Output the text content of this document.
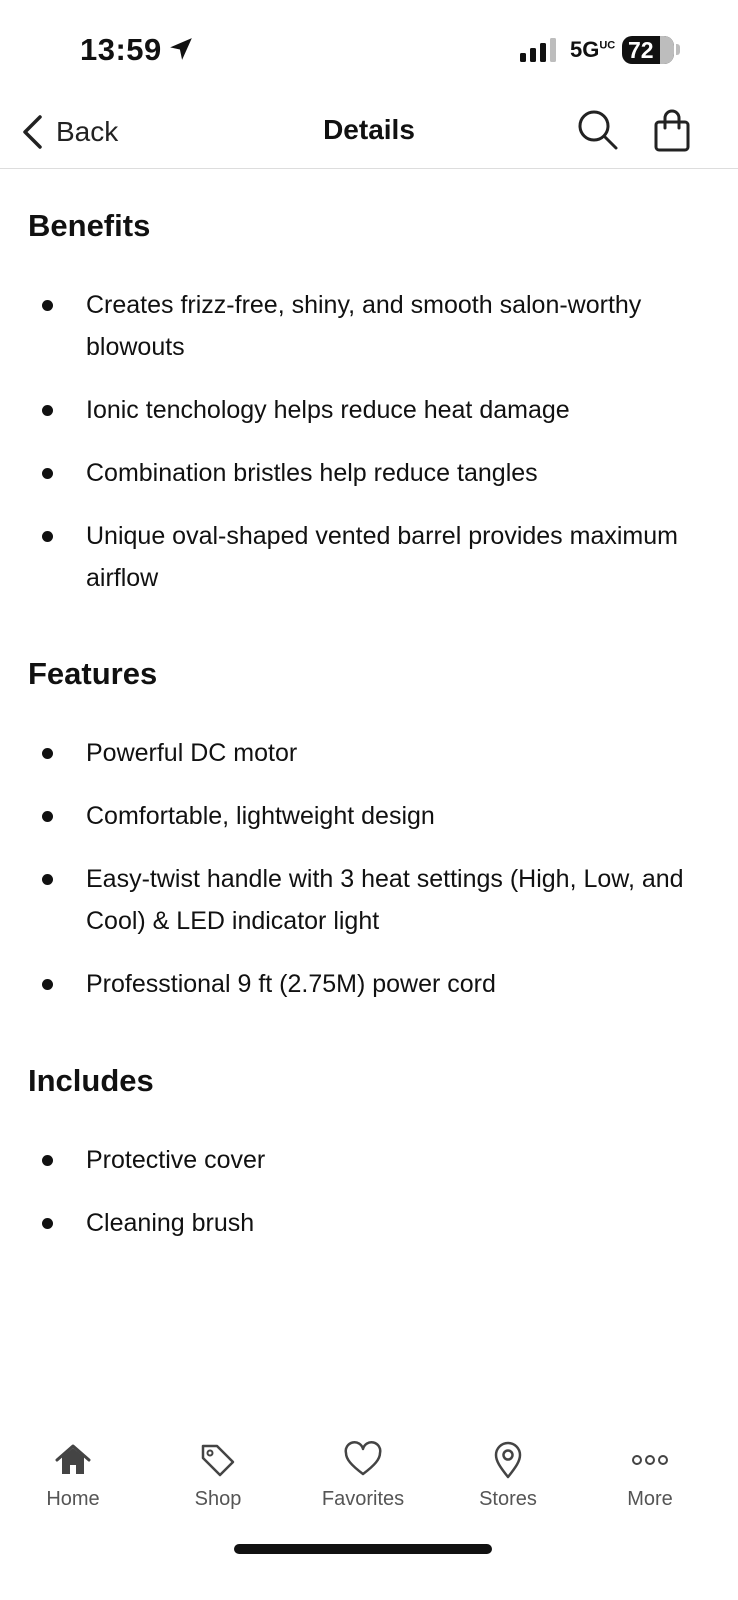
13:59	$5G^{UC}$ 72
Back	Details
Benefits
Creates frizz-free, shiny, and smooth salon-worthy blowouts
Ionic tenchology helps reduce heat damage
Combination bristles help reduce tangles
Unique oval-shaped vented barrel provides maximum airflow
Features
Powerful DC motor
Comfortable, lightweight design
Easy-twist handle with 3 heat settings (High, Low, and Cool) & LED indicator light
Professtional 9 ft (2.75M) power cord
Includes
Protective cover
Cleaning brush
Home	Shop	Favorites	Stores	More
